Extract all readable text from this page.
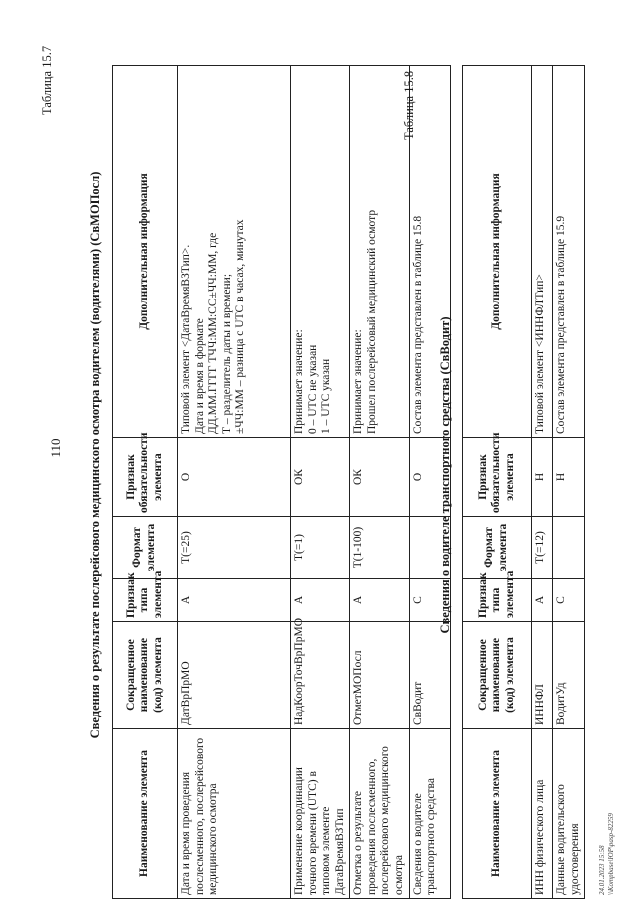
110
Таблица 15.7
Сведения о результате послерейсового медицинского осмотра водителем (водителями) (СвМОПосл)
Наименование элемента	Сокращенное наименование (код) элемента	Признак типа элемента	Формат элемента	Признак обязательности элемента	Дополнительная информация
Дата и время проведения послесменного, послерейсового медицинского осмотра	ДатВрПрМО	А	T(=25)	О	Типовой элемент <ДатаВремяВЗТип>.
Дата и время в формате
ДД.ММ.ГГГГ ТЧЧ:ММ:СС±ЧЧ:ММ, где
Т – разделитель даты и времени;
±ЧЧ:ММ – разница с UTC в часах, минутах
Применение координации точного времени (UTC) в типовом элементе ДатаВремяВЗТип	НадКоорТочВрПрМО	А	T(=1)	ОК	Принимает значение:
0 – UTC не указан
1 – UTC указан
Отметка о результате проведения послесменного, послерейсового медицинского осмотра	ОтметМОПосл	А	T(1-100)	ОК	Принимает значение:
Прошел послерейсовый медицинский осмотр
Сведения о водителе транспортного средства	СвВодит	С		О	Состав элемента представлен в таблице 15.8
Таблица 15.8
Сведения о водителе транспортного средства (СвВодит)
Наименование элемента	Сокращенное наименование (код) элемента	Признак типа элемента	Формат элемента	Признак обязательности элемента	Дополнительная информация
ИНН физического лица	ИННФЛ	А	T(=12)	Н	Типовой элемент <ИННФЛТип>
Данные водительского удостоверения	ВодитУд	С		Н	Состав элемента представлен в таблице 15.9
24.01.2023 15:58 \\Kompbase\ЮР\pasp-82259
